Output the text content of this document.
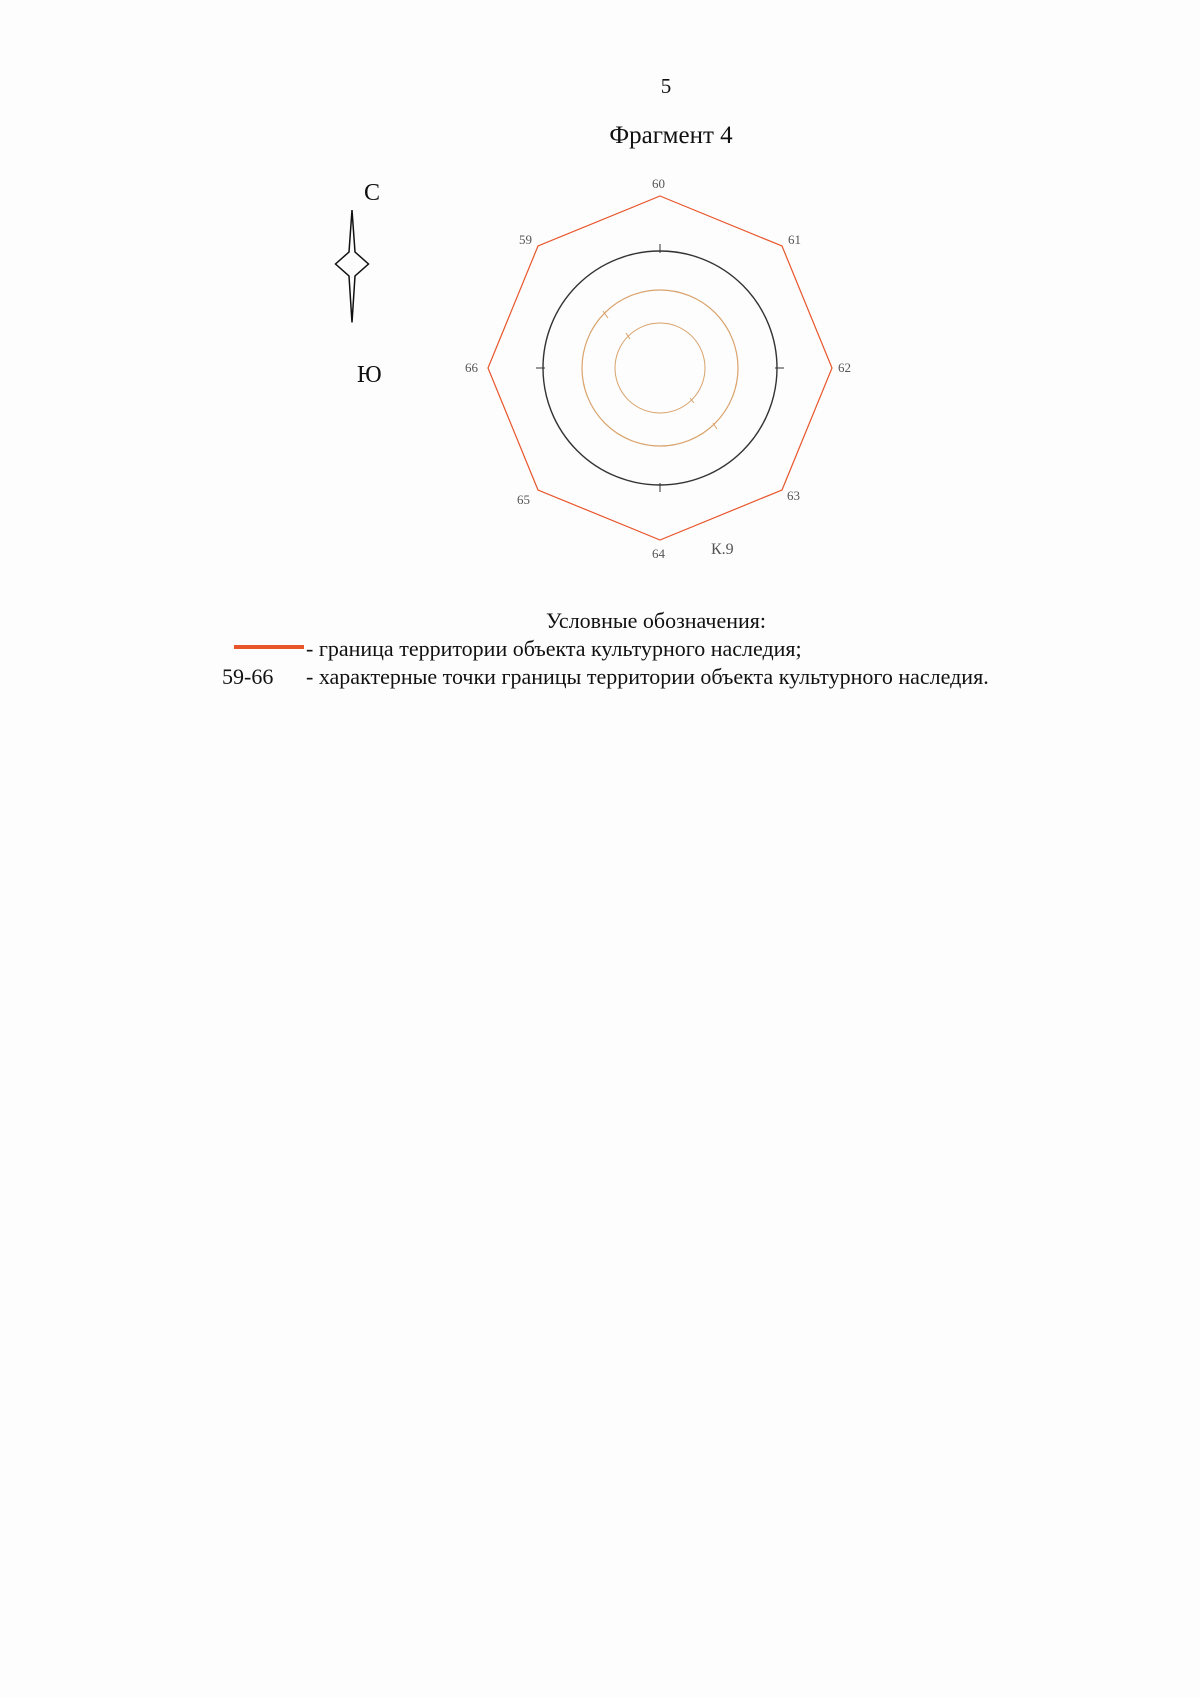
5
Фрагмент 4
С
Ю
60
61
62
63
64
65
66
59
К.9
Условные обозначения:
- граница территории объекта культурного наследия;
59-66 - характерные точки границы территории объекта культурного наследия.
